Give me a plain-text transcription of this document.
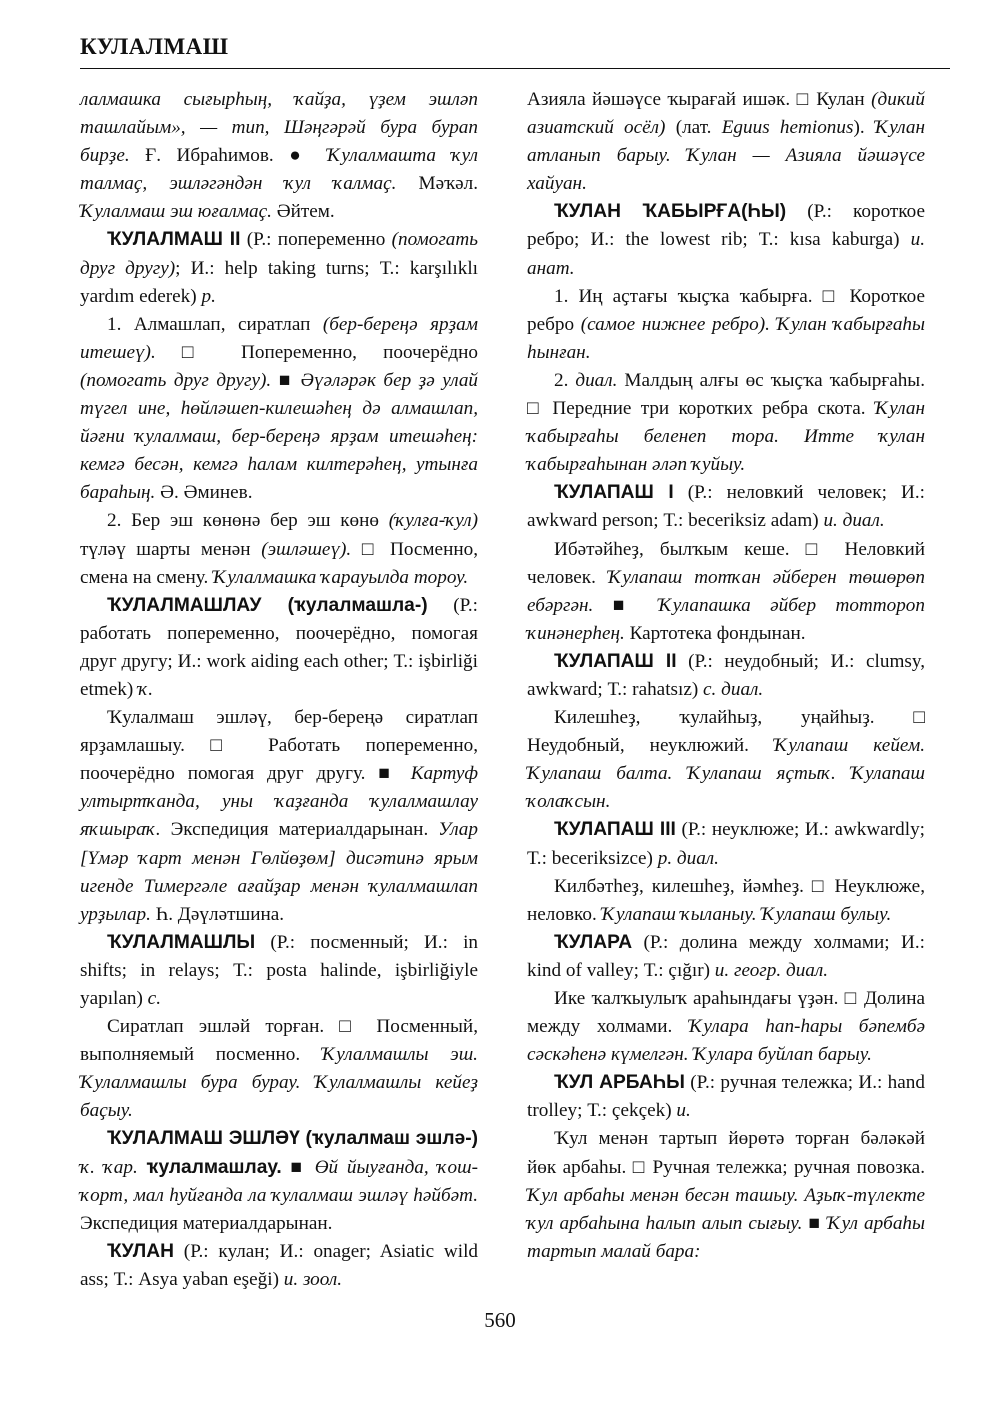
КУЛАЛМАШ

лалмашка сығырһың, ҡайҙа, үҙем эшләп ташлайым», — тип, Шәңгәрәй бура бурап бирҙе. Ғ. Ибраһимов. ● Ҡулалмашта ҡул талмаҫ, эшләгәндән ҡул ҡалмаҫ. Мәҡәл. Ҡулалмаш эш юғалмаҫ. Әйтем.

ҠУЛАЛМАШ II (Р.: попеременно (помогать друг другу); И.: help taking turns; Т.: karşılıklı yardım ederek) р.

1. Алмашлап, сиратлап (бер-береңә ярҙам итешеү). □ Попеременно, поочерёдно (помогать друг другу). ■ Әүәләрәк бер ҙә улай түгел ине, һөйләшеп-килешәһең дә алмашлап, йәғни ҡулалмаш, бер-береңә ярҙам итешәһең: кемгә бесән, кемгә һалам килтерәһең, утынға бараһың. Ә. Әминев.

2. Бер эш көнөнә бер эш көнө (ҡулға-ҡул) түләү шарты менән (эшләшеү). □ Посменно, смена на смену. Ҡулалмашка ҡарауылда тороу.

ҠУЛАЛМАШЛАУ (ҡулалмашла-) (Р.: работать попеременно, поочерёдно, помогая друг другу; И.: work aiding each other; Т.: işbirliği etmek) ҡ.

Ҡулалмаш эшләү, бер-береңә сиратлап ярҙамлашыу. □ Работать попеременно, поочерёдно помогая друг другу. ■ Картуф ултыртҡанда, уны ҡаҙғанда ҡулалмашлау яҡшыраҡ. Экспедиция материалдарынан. Улар [Үмәр ҡарт менән Гөлйөҙөм] дисәтинә ярым игенде Тимергәле ағайҙар менән ҡулалмашлап урҙылар. Һ. Дәүләтшина.

ҠУЛАЛМАШЛЫ (Р.: посменный; И.: in shifts; in relays; Т.: posta halinde, işbirliğiyle yapılan) с.

Сиратлап эшләй торған. □ Посменный, выполняемый посменно. Ҡулалмашлы эш. Ҡулалмашлы бура бурау. Ҡулалмашлы кейеҙ баҫыу.

ҠУЛАЛМАШ ЭШЛӘҮ (ҡулалмаш эшлә-) ҡ. ҡар. ҡулалмашлау. ■ Өй йыуғанда, ҡош-ҡорт, мал һуйғанда ла ҡулалмаш эшләү һәйбәт. Экспедиция материалдарынан.

ҠУЛАН (Р.: кулан; И.: onager; Asiatic wild ass; Т.: Asya yaban eşeği) и. зоол.

Азияла йәшәүсе ҡырағай ишәк. □ Кулан (дикий азиатский осёл) (лат. Eguus hemionus). Ҡулан атланып барыу. Ҡулан — Азияла йәшәүсе хайуан.

ҠУЛАН ҠАБЫРҒА(ҺЫ) (Р.: короткое ребро; И.: the lowest rib; Т.: kısa kaburga) и. анат.

1. Иң аҫтағы ҡыҫҡа ҡабырға. □ Короткое ребро (самое нижнее ребро). Ҡулан ҡабырғаһы һынған.

2. диал. Малдың алғы өс ҡыҫҡа ҡабырғаһы. □ Передние три коротких ребра скота. Ҡулан ҡабырғаһы беленеп тора. Итте ҡулан ҡабырғаһынан әләп ҡуйыу.

ҠУЛАПАШ I (Р.: неловкий человек; И.: awkward person; Т.: beceriksiz adam) и. диал.

Ибәтәйһеҙ, былҡым кеше. □ Неловкий человек. Ҡулапаш тотҡан әйберен төшөрөп ебәргән. ■ Ҡулапашка әйбер тоттороп ҡинәнерһең. Картотека фондынан.

ҠУЛАПАШ II (Р.: неудобный; И.: clumsy, awkward; Т.: rahatsız) с. диал.

Килешһеҙ, ҡулайһыҙ, уңайһыҙ. □ Неудобный, неуклюжий. Ҡулапаш кейем. Ҡулапаш балта. Ҡулапаш яҫтыҡ. Ҡулапаш ҡолаҡсын.

ҠУЛАПАШ III (Р.: неуклюже; И.: awkwardly; Т.: beceriksizce) р. диал.

Килбәтһеҙ, килешһеҙ, йәмһеҙ. □ Неуклюже, неловко. Ҡулапаш ҡыланыу. Ҡулапаш булыу.

ҠУЛАРА (Р.: долина между холмами; И.: kind of valley; Т.: çığır) и. геогр. диал.

Ике ҡалҡыулыҡ араһындағы үҙән. □ Долина между холмами. Ҡулара һап-һары бәпембә сәскәһенә күмелгән. Ҡулара буйлап барыу.

ҠУЛ АРБАҺЫ (Р.: ручная тележка; И.: hand trolley; Т.: çekçek) и.

Ҡул менән тартып йөрөтә торған бәләкәй йөк арбаһы. □ Ручная тележка; ручная повозка. Ҡул арбаһы менән бесән ташыу. Аҙыҡ-түлекте ҡул арбаһына һалып алып сығыу. ■ Ҡул арбаһы тартып малай бара:

560
